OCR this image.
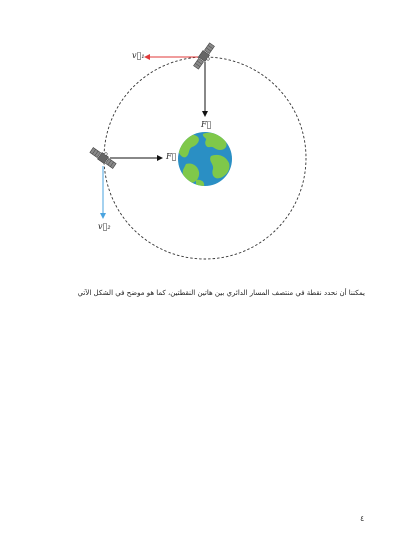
v⃗₁
F⃗
F⃗
v⃗₂
يمكننا أن نحدد نقطة في منتصف المسار الدائري بين هاتين النقطتين، كما هو موضح في الشكل الآتي
٤
